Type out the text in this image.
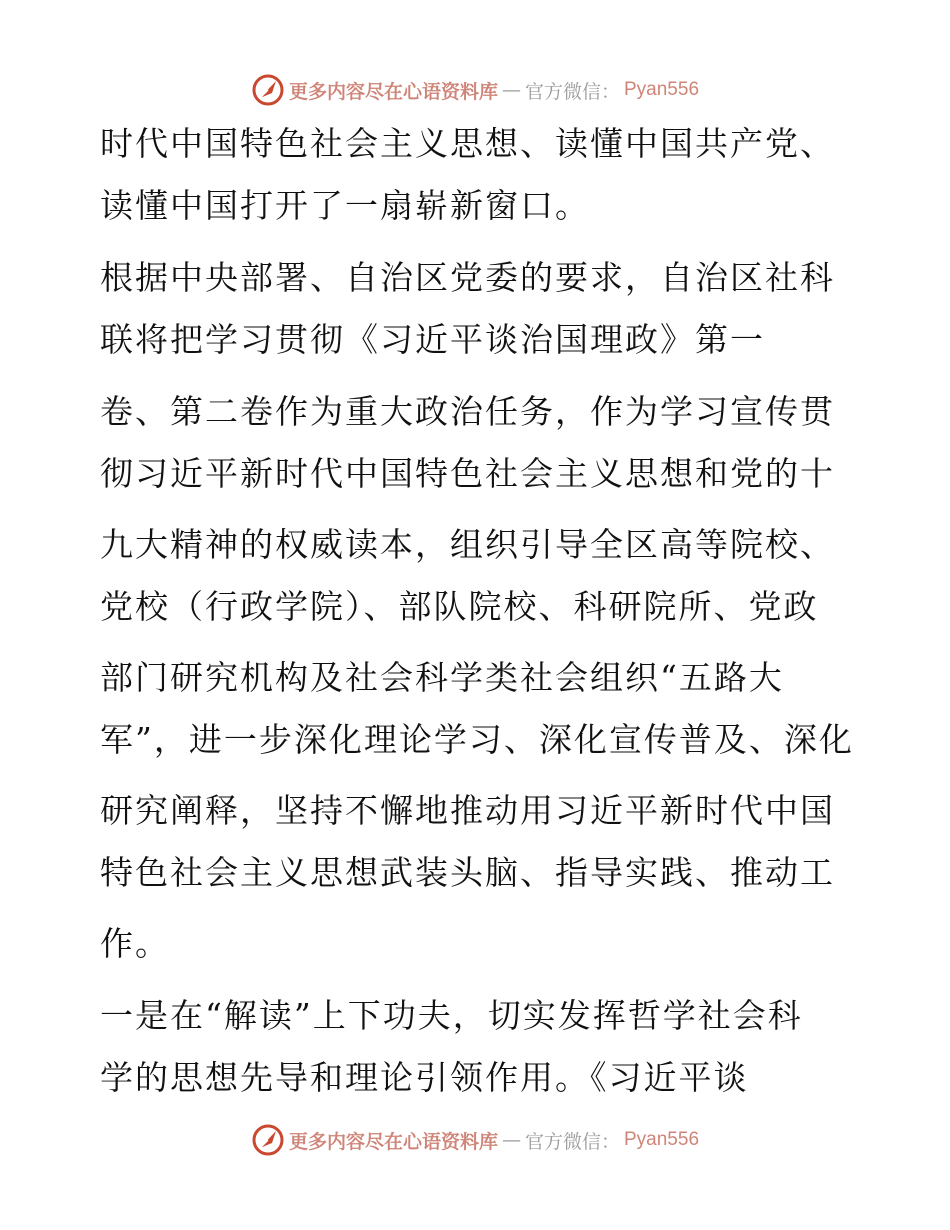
更多内容尽在心语资料库 — 官方微信： Pyan556
时代中国特色社会主义思想、读懂中国共产党、
读懂中国打开了一扇崭新窗口。
根据中央部署、自治区党委的要求，自治区社科
联将把学习贯彻《习近平谈治国理政》第一
卷、第二卷作为重大政治任务，作为学习宣传贯
彻习近平新时代中国特色社会主义思想和党的十
九大精神的权威读本，组织引导全区高等院校、
党校（行政学院）、部队院校、科研院所、党政
部门研究机构及社会科学类社会组织“五路大
军”，进一步深化理论学习、深化宣传普及、深化
研究阐释，坚持不懈地推动用习近平新时代中国
特色社会主义思想武装头脑、指导实践、推动工
作。
一是在“解读”上下功夫，切实发挥哲学社会科
学的思想先导和理论引领作用。《习近平谈
更多内容尽在心语资料库 — 官方微信： Pyan556
